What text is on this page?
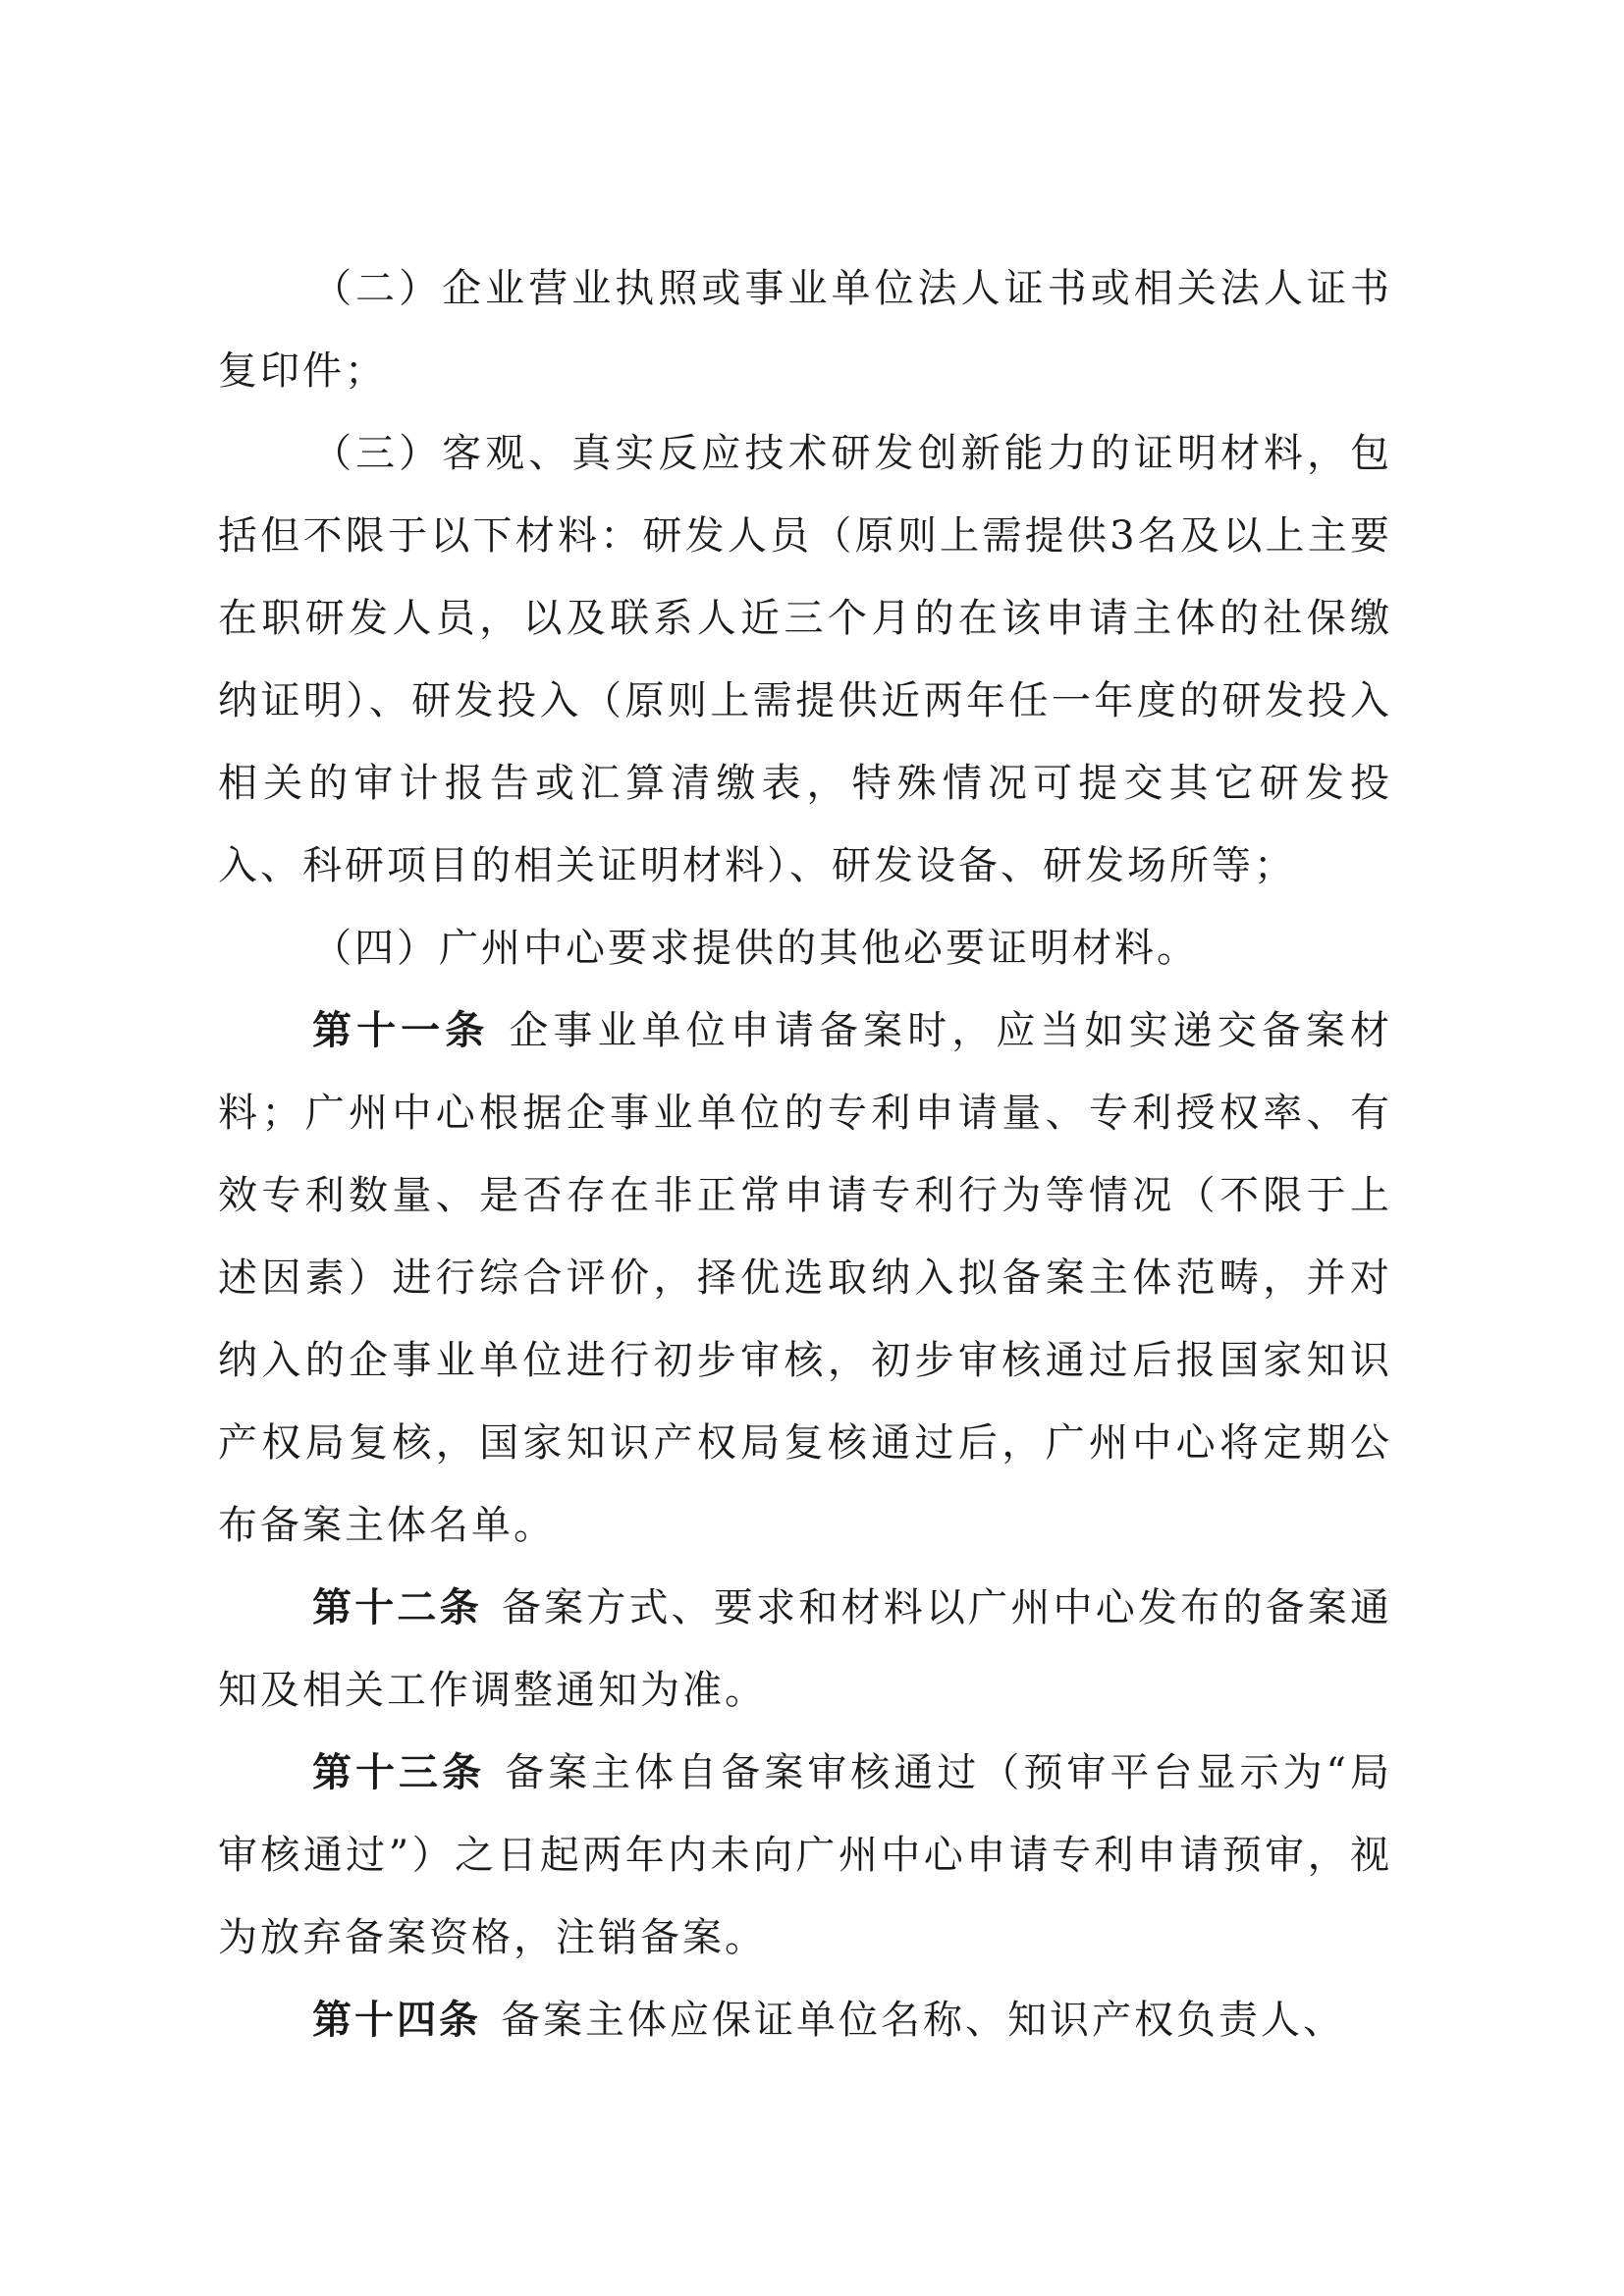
（二）企业营业执照或事业单位法人证书或相关法人证书复印件；

（三）客观、真实反应技术研发创新能力的证明材料，包括但不限于以下材料：研发人员（原则上需提供3名及以上主要在职研发人员，以及联系人近三个月的在该申请主体的社保缴纳证明）、研发投入（原则上需提供近两年任一年度的研发投入相关的审计报告或汇算清缴表，特殊情况可提交其它研发投入、科研项目的相关证明材料）、研发设备、研发场所等；

（四）广州中心要求提供的其他必要证明材料。

第十一条 企事业单位申请备案时，应当如实递交备案材料；广州中心根据企事业单位的专利申请量、专利授权率、有效专利数量、是否存在非正常申请专利行为等情况（不限于上述因素）进行综合评价，择优选取纳入拟备案主体范畴，并对纳入的企事业单位进行初步审核，初步审核通过后报国家知识产权局复核，国家知识产权局复核通过后，广州中心将定期公布备案主体名单。

第十二条 备案方式、要求和材料以广州中心发布的备案通知及相关工作调整通知为准。

第十三条 备案主体自备案审核通过（预审平台显示为“局审核通过”）之日起两年内未向广州中心申请专利申请预审，视为放弃备案资格，注销备案。

第十四条 备案主体应保证单位名称、知识产权负责人、
